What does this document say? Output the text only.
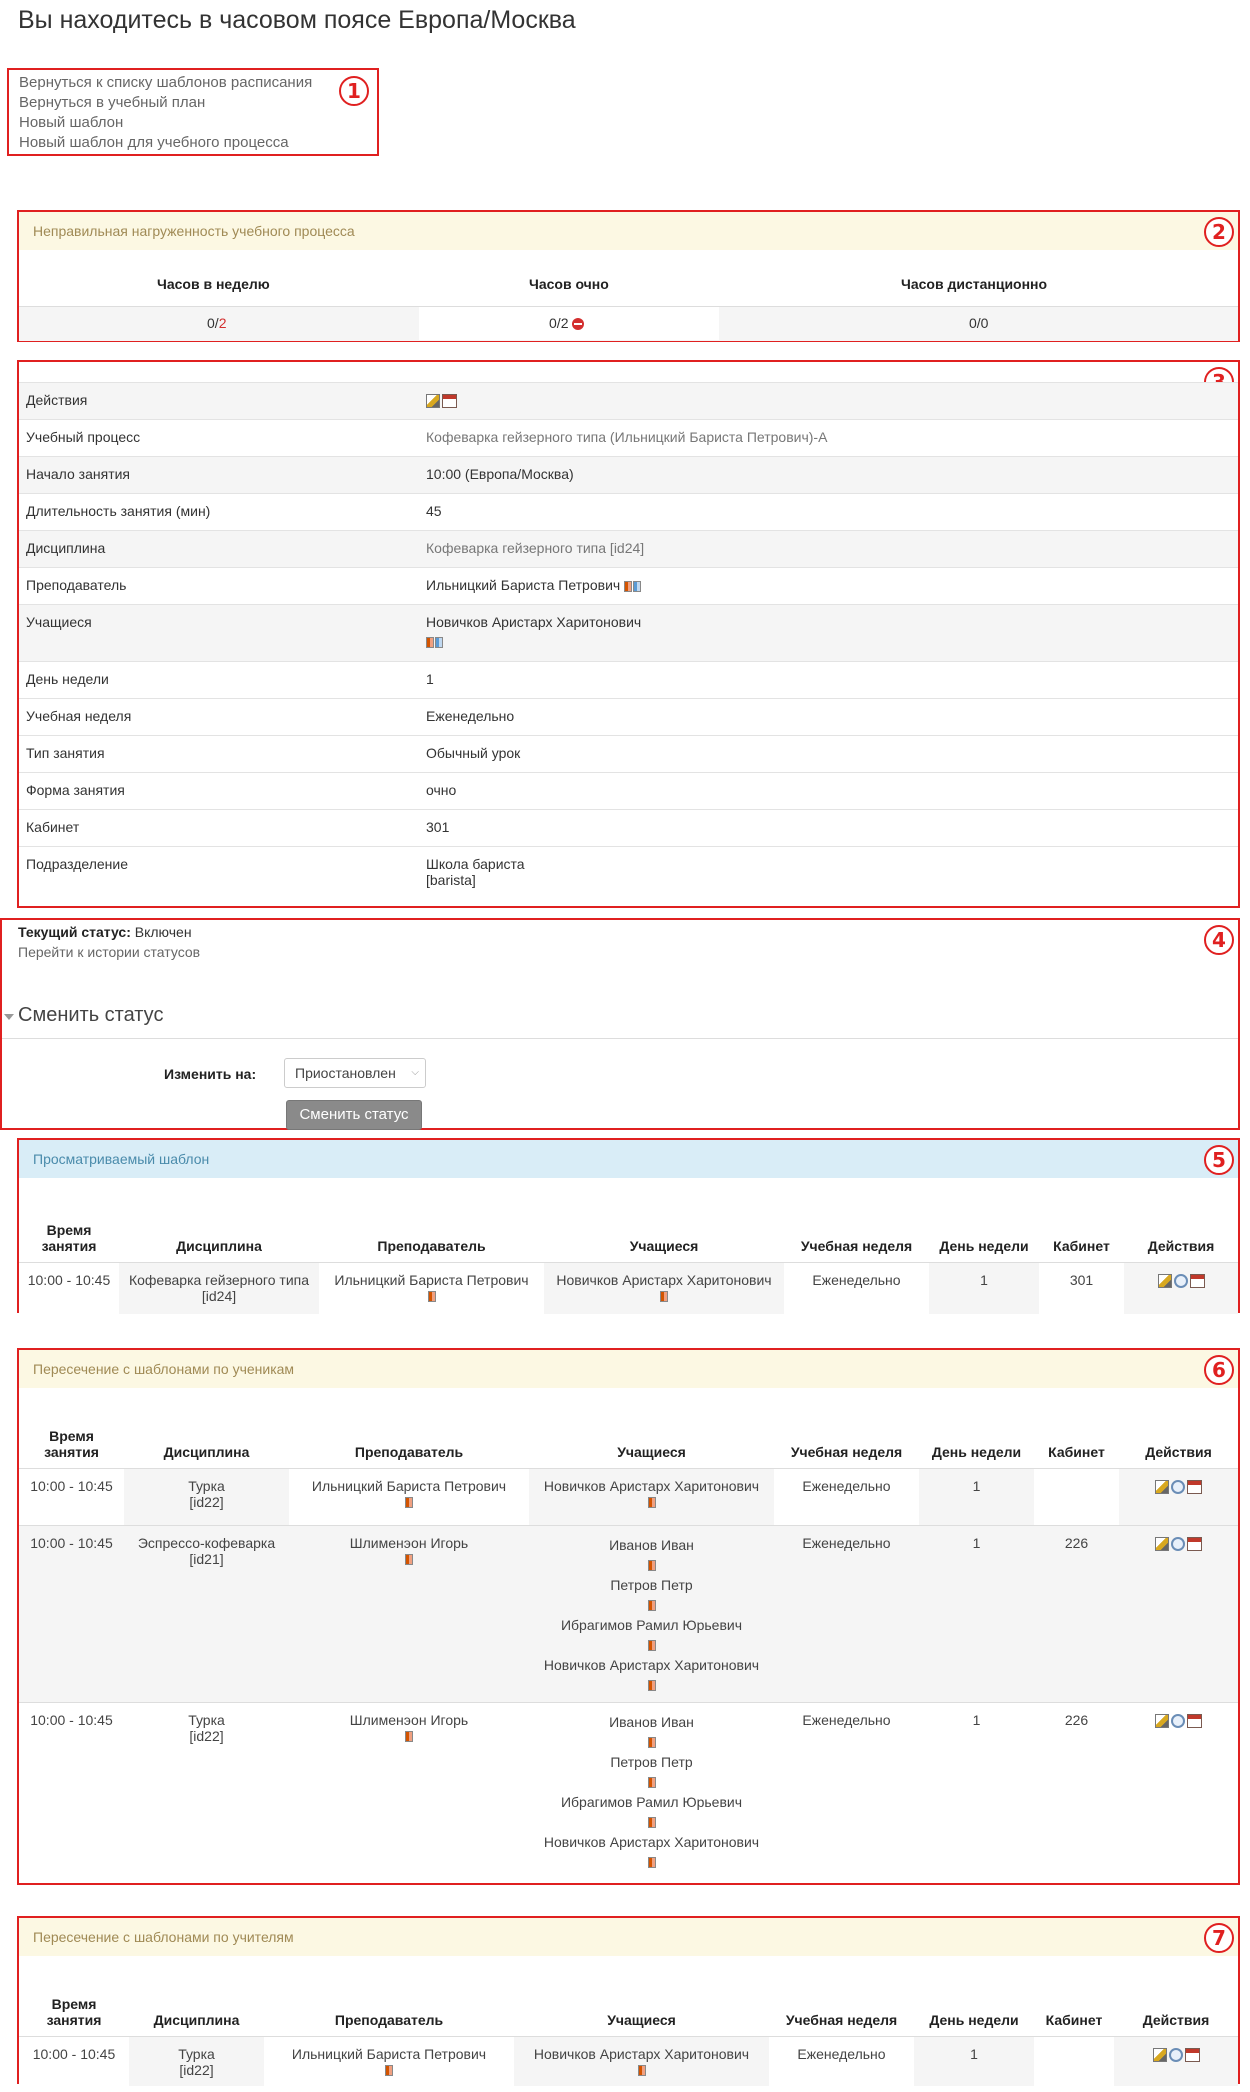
Вы находитесь в часовом поясе Европа/Москва
Вернуться к списку шаблонов расписания
Вернуться в учебный план
Новый шаблон
Новый шаблон для учебного процесса
1
Неправильная нагруженность учебного процесса	2
Часов в неделю	Часов очно	Часов дистанционно
0/2	0/2	0/0
Действия	
Учебный процесс	Кофеварка гейзерного типа (Ильницкий Бариста Петрович)-А
Начало занятия	10:00 (Европа/Москва)
Длительность занятия (мин)	45
Дисциплина	Кофеварка гейзерного типа [id24]
Преподаватель	Ильницкий Бариста Петрович
Учащиеся	Новичков Аристарх Харитонович

День недели	1
Учебная неделя	Еженедельно
Тип занятия	Обычный урок
Форма занятия	очно
Кабинет	301
Подразделение	Школа бариста
[barista]
4
Текущий статус: Включен
Перейти к истории статусов
Сменить статус
Изменить на:	Приостановлен ⌵
Сменить статус
Просматриваемый шаблон	5
Время
занятия	Дисциплина	Преподаватель	Учащиеся	Учебная неделя	День недели	Кабинет	Действия
10:00 - 10:45	Кофеварка гейзерного типа
[id24]	Ильницкий Бариста Петрович	Новичков Аристарх Харитонович	Еженедельно	1	301	
Пересечение с шаблонами по ученикам	6
Время
занятия	Дисциплина	Преподаватель	Учащиеся	Учебная неделя	День недели	Кабинет	Действия
10:00 - 10:45	Турка
[id22]	Ильницкий Бариста Петрович	Новичков Аристарх Харитонович	Еженедельно	1		
10:00 - 10:45	Эспрессо-кофеварка
[id21]	Шлименэон Игорь	Иванов Иван

Петров Петр

Ибрагимов Рамил Юрьевич

Новичков Аристарх Харитонович	Еженедельно	1	226	
10:00 - 10:45	Турка
[id22]	Шлименэон Игорь	Иванов Иван

Петров Петр

Ибрагимов Рамил Юрьевич

Новичков Аристарх Харитонович	Еженедельно	1	226	
Пересечение с шаблонами по учителям	7
Время
занятия	Дисциплина	Преподаватель	Учащиеся	Учебная неделя	День недели	Кабинет	Действия
10:00 - 10:45	Турка
[id22]	Ильницкий Бариста Петрович	Новичков Аристарх Харитонович	Еженедельно	1		
